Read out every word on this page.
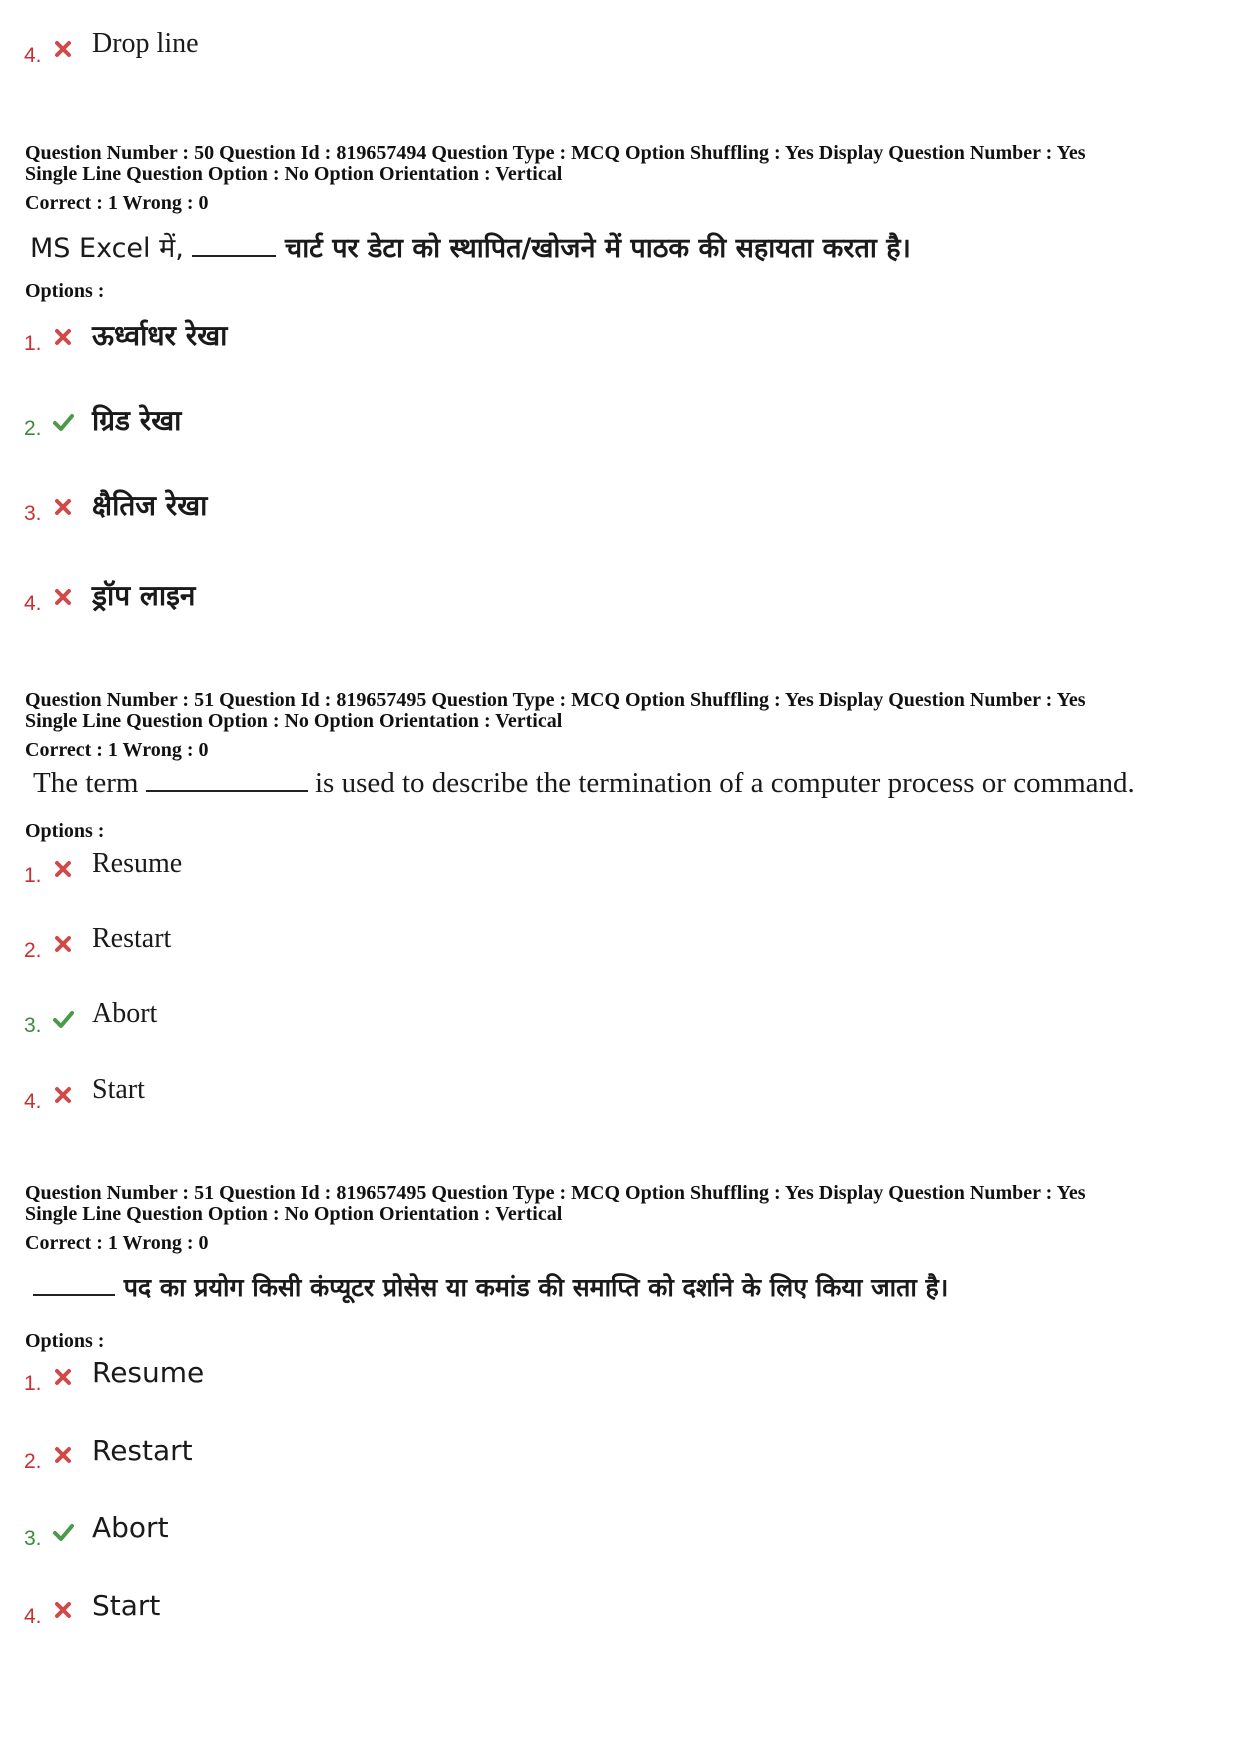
4. Drop line
Question Number : 50 Question Id : 819657494 Question Type : MCQ Option Shuffling : Yes Display Question Number : Yes
Single Line Question Option : No Option Orientation : Vertical
Correct : 1 Wrong : 0
MS Excel में,	चार्ट पर डेटा को स्थापित/खोजने में पाठक की सहायता करता है।
Options :
1. ऊर्ध्वाधर रेखा
2. ग्रिड रेखा
3. क्षैतिज रेखा
4. ड्रॉप लाइन
Question Number : 51 Question Id : 819657495 Question Type : MCQ Option Shuffling : Yes Display Question Number : Yes
Single Line Question Option : No Option Orientation : Vertical
Correct : 1 Wrong : 0
The term	is used to describe the termination of a computer process or command.
Options :
1. Resume
2. Restart
3. Abort
4. Start
Question Number : 51 Question Id : 819657495 Question Type : MCQ Option Shuffling : Yes Display Question Number : Yes
Single Line Question Option : No Option Orientation : Vertical
Correct : 1 Wrong : 0
पद का प्रयोग किसी कंप्यूटर प्रोसेस या कमांड की समाप्ति को दर्शाने के लिए किया जाता है।
Options :
1. Resume
2. Restart
3. Abort
4. Start
